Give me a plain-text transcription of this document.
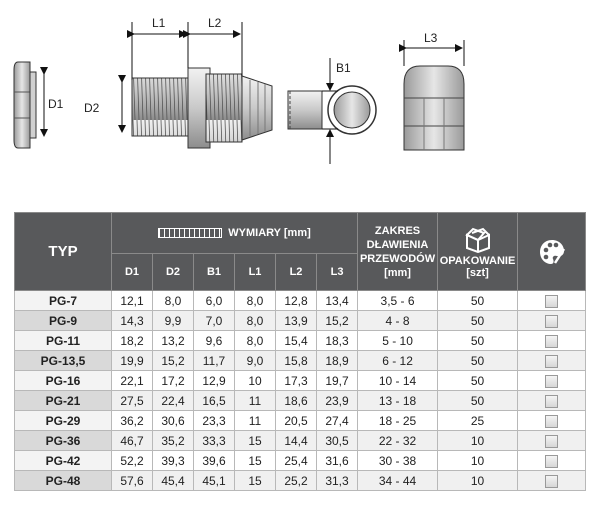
D1 D2
L1	L2
B1
L3
TYP	WYMIARY [mm]						ZAKRES
DŁAWIENIA
PRZEWODÓW
[mm]	OPAKOWANIE
[szt]

	D1	D2	B1	L1	L2	L3			
PG-7	12,1	8,0	6,0	8,0	12,8	13,4	3,5 - 6	50	
PG-9	14,3	9,9	7,0	8,0	13,9	15,2	4 - 8	50	
PG-11	18,2	13,2	9,6	8,0	15,4	18,3	5 - 10	50	
PG-13,5	19,9	15,2	11,7	9,0	15,8	18,9	6 - 12	50	
PG-16	22,1	17,2	12,9	10	17,3	19,7	10 - 14	50	
PG-21	27,5	22,4	16,5	11	18,6	23,9	13 - 18	50	
PG-29	36,2	30,6	23,3	11	20,5	27,4	18 - 25	25	
PG-36	46,7	35,2	33,3	15	14,4	30,5	22 - 32	10	
PG-42	52,2	39,3	39,6	15	25,4	31,6	30 - 38	10	
PG-48	57,6	45,4	45,1	15	25,2	31,3	34 - 44	10	
